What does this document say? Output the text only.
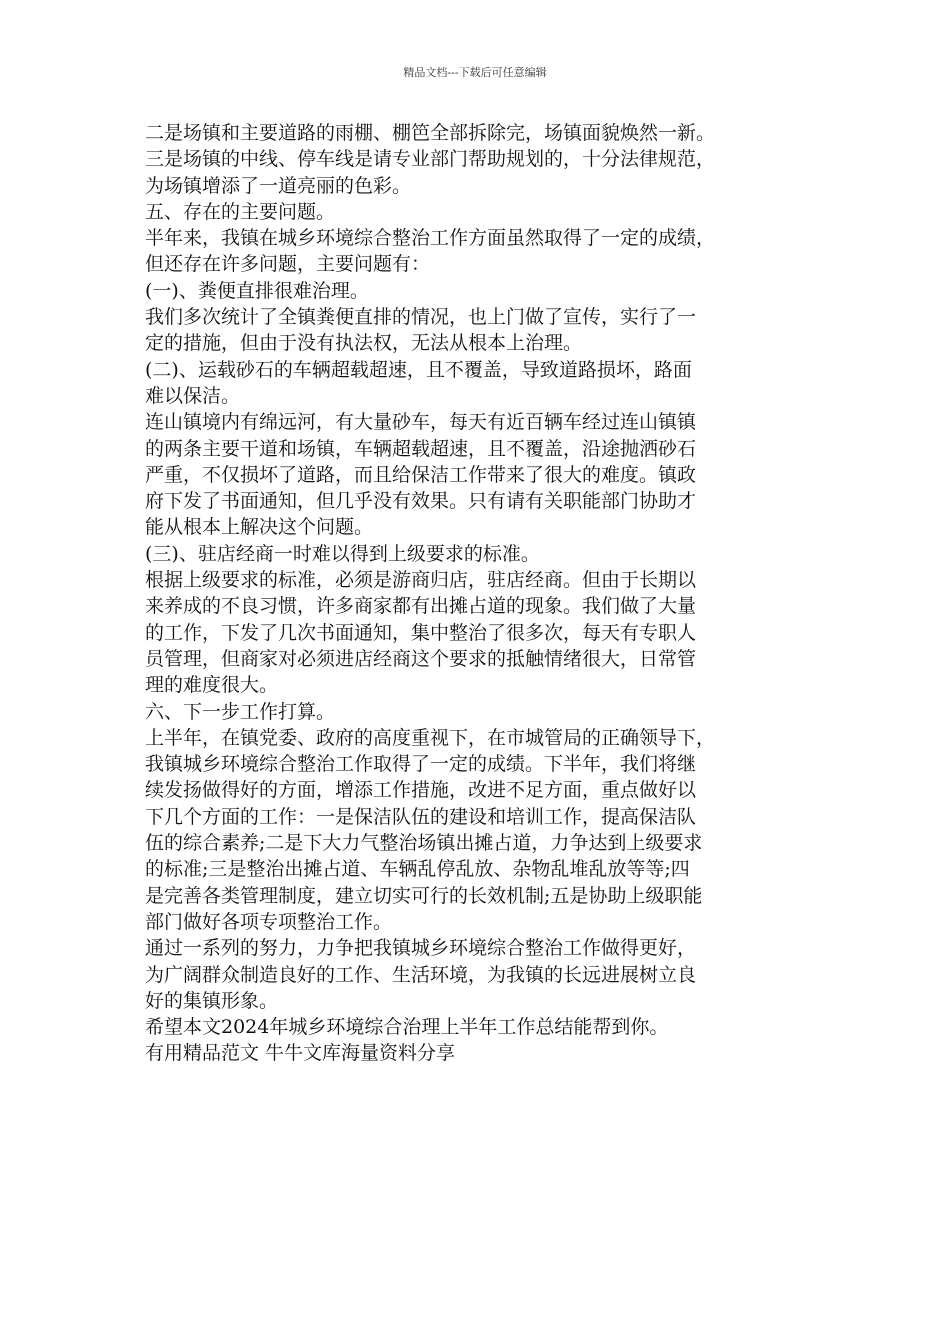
精品文档---下载后可任意编辑
二是场镇和主要道路的雨棚、棚笆全部拆除完，场镇面貌焕然一新。
三是场镇的中线、停车线是请专业部门帮助规划的，十分法律规范，
为场镇增添了一道亮丽的色彩。
五、存在的主要问题。
半年来，我镇在城乡环境综合整治工作方面虽然取得了一定的成绩，
但还存在许多问题，主要问题有：
(一)、粪便直排很难治理。
我们多次统计了全镇粪便直排的情况，也上门做了宣传，实行了一
定的措施，但由于没有执法权，无法从根本上治理。
(二)、运载砂石的车辆超载超速，且不覆盖，导致道路损坏，路面
难以保洁。
连山镇境内有绵远河，有大量砂车，每天有近百辆车经过连山镇镇
的两条主要干道和场镇，车辆超载超速，且不覆盖，沿途抛洒砂石
严重，不仅损坏了道路，而且给保洁工作带来了很大的难度。镇政
府下发了书面通知，但几乎没有效果。只有请有关职能部门协助才
能从根本上解决这个问题。
(三)、驻店经商一时难以得到上级要求的标准。
根据上级要求的标准，必须是游商归店，驻店经商。但由于长期以
来养成的不良习惯，许多商家都有出摊占道的现象。我们做了大量
的工作，下发了几次书面通知，集中整治了很多次，每天有专职人
员管理，但商家对必须进店经商这个要求的抵触情绪很大，日常管
理的难度很大。
六、下一步工作打算。
上半年，在镇党委、政府的高度重视下，在市城管局的正确领导下，
我镇城乡环境综合整治工作取得了一定的成绩。下半年，我们将继
续发扬做得好的方面，增添工作措施，改进不足方面，重点做好以
下几个方面的工作：一是保洁队伍的建设和培训工作，提高保洁队
伍的综合素养;二是下大力气整治场镇出摊占道，力争达到上级要求
的标准;三是整治出摊占道、车辆乱停乱放、杂物乱堆乱放等等;四
是完善各类管理制度，建立切实可行的长效机制;五是协助上级职能
部门做好各项专项整治工作。
通过一系列的努力，力争把我镇城乡环境综合整治工作做得更好，
为广阔群众制造良好的工作、生活环境，为我镇的长远进展树立良
好的集镇形象。
希望本文2024年城乡环境综合治理上半年工作总结能帮到你。
有用精品范文 牛牛文库海量资料分享
